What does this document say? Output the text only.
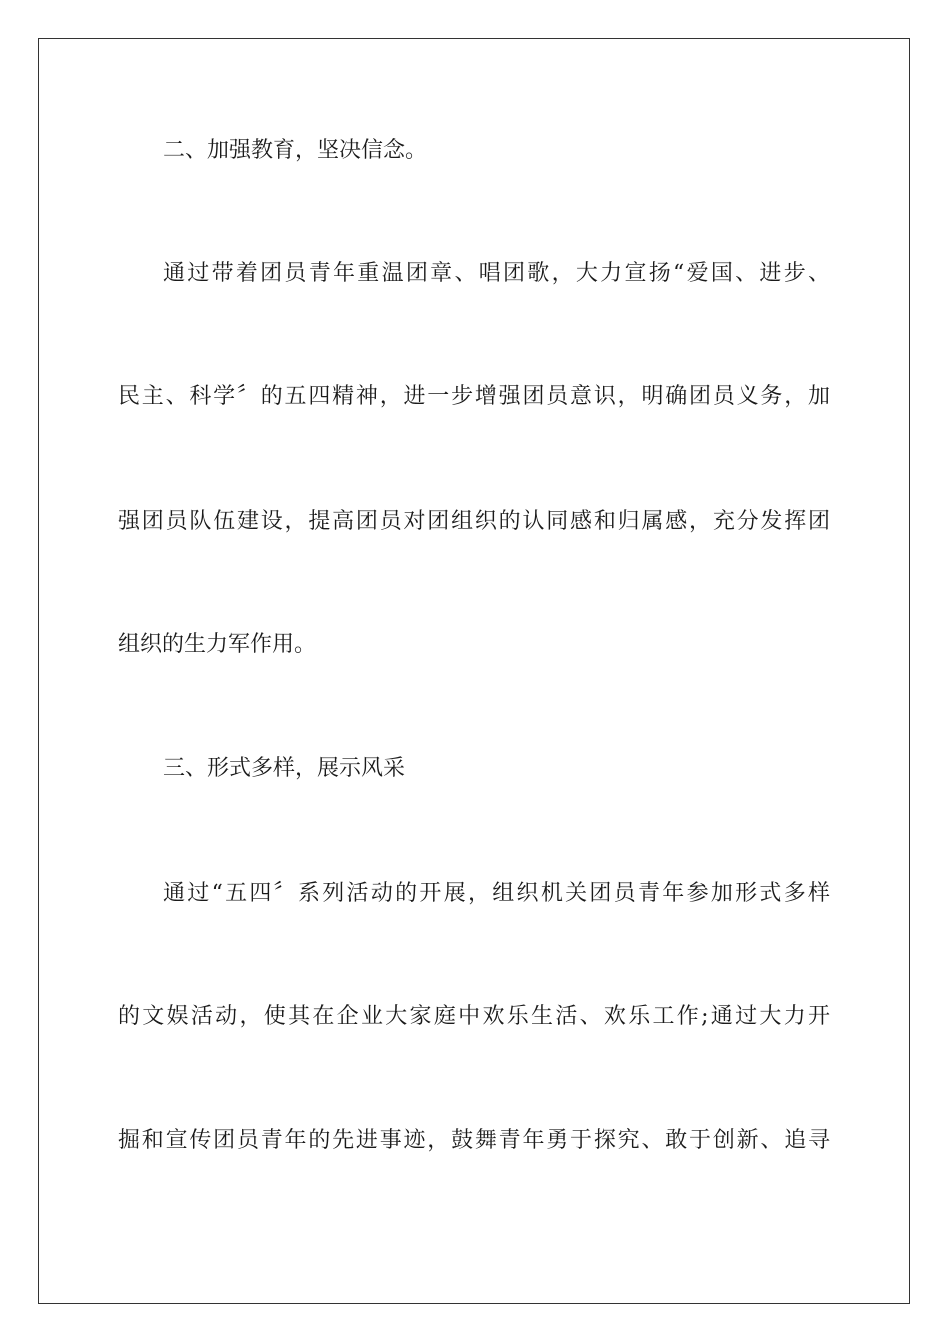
二、加强教育，坚决信念。
通过带着团员青年重温团章、唱团歌，大力宣扬“爱国、进步、
民主、科学〞的五四精神，进一步增强团员意识，明确团员义务，加
强团员队伍建设，提高团员对团组织的认同感和归属感，充分发挥团
组织的生力军作用。
三、形式多样，展示风采
通过“五四〞系列活动的开展，组织机关团员青年参加形式多样
的文娱活动，使其在企业大家庭中欢乐生活、欢乐工作;通过大力开
掘和宣传团员青年的先进事迹，鼓舞青年勇于探究、敢于创新、追寻
